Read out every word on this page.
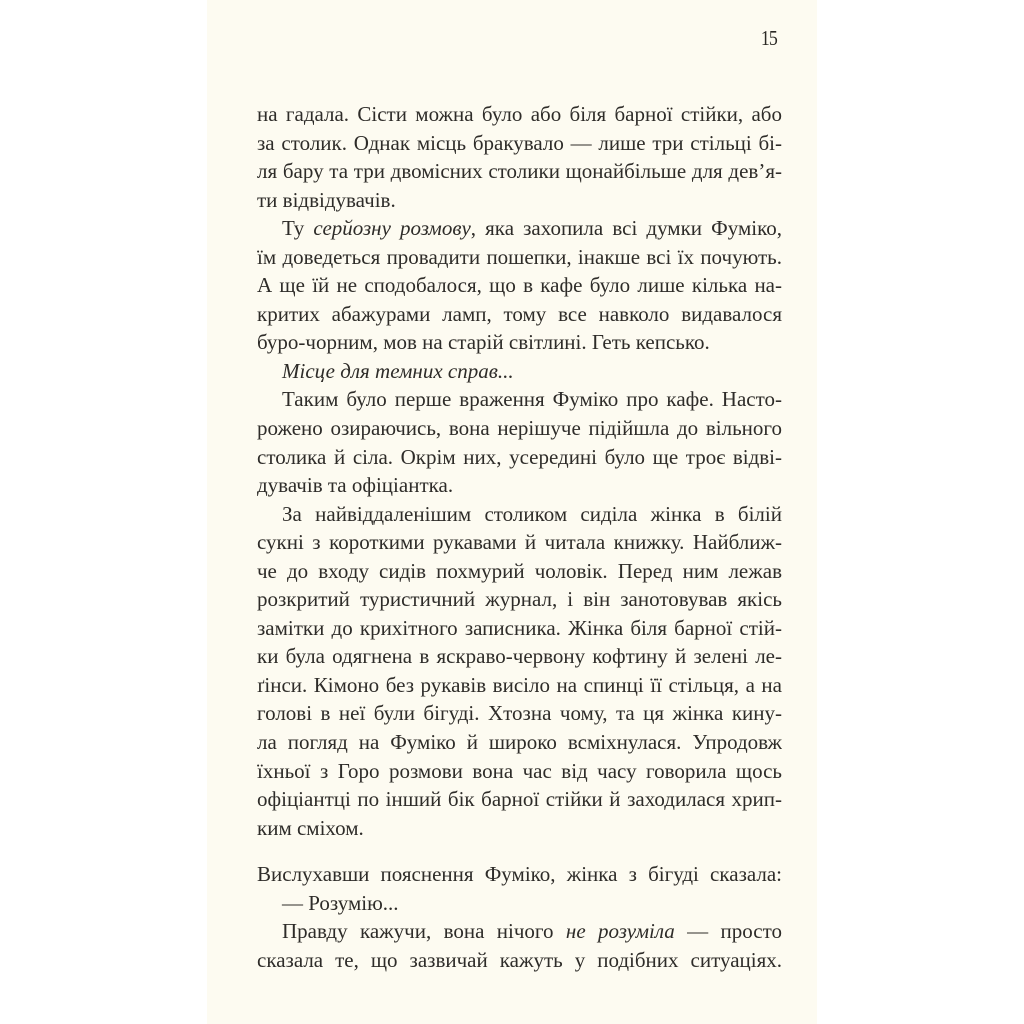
15
на гадала. Сісти можна було або біля барної стійки, або
за столик. Однак місць бракувало — лише три стільці бі-
ля бару та три двомісних столики щонайбільше для дев’я-
ти відвідувачів.
Ту серйозну розмову, яка захопила всі думки Фуміко,
їм доведеться провадити пошепки, інакше всі їх почують.
А ще їй не сподобалося, що в кафе було лише кілька на-
критих абажурами ламп, тому все навколо видавалося
буро-чорним, мов на старій світлині. Геть кепсько.
Місце для темних справ...
Таким було перше враження Фуміко про кафе. Насто-
рожено озираючись, вона нерішуче підійшла до вільного
столика й сіла. Окрім них, усередині було ще троє відві-
дувачів та офіціантка.
За найвіддаленішим столиком сиділа жінка в білій
сукні з короткими рукавами й читала книжку. Найближ-
че до входу сидів похмурий чоловік. Перед ним лежав
розкритий туристичний журнал, і він занотовував якісь
замітки до крихітного записника. Жінка біля барної стій-
ки була одягнена в яскраво-червону кофтину й зелені ле-
ґінси. Кімоно без рукавів висіло на спинці її стільця, а на
голові в неї були бігуді. Хтозна чому, та ця жінка кину-
ла погляд на Фуміко й широко всміхнулася. Упродовж
їхньої з Горо розмови вона час від часу говорила щось
офіціантці по інший бік барної стійки й заходилася хрип-
ким сміхом.
Вислухавши пояснення Фуміко, жінка з бігуді сказала:
— Розумію...
Правду кажучи, вона нічого не розуміла — просто
сказала те, що зазвичай кажуть у подібних ситуаціях.
